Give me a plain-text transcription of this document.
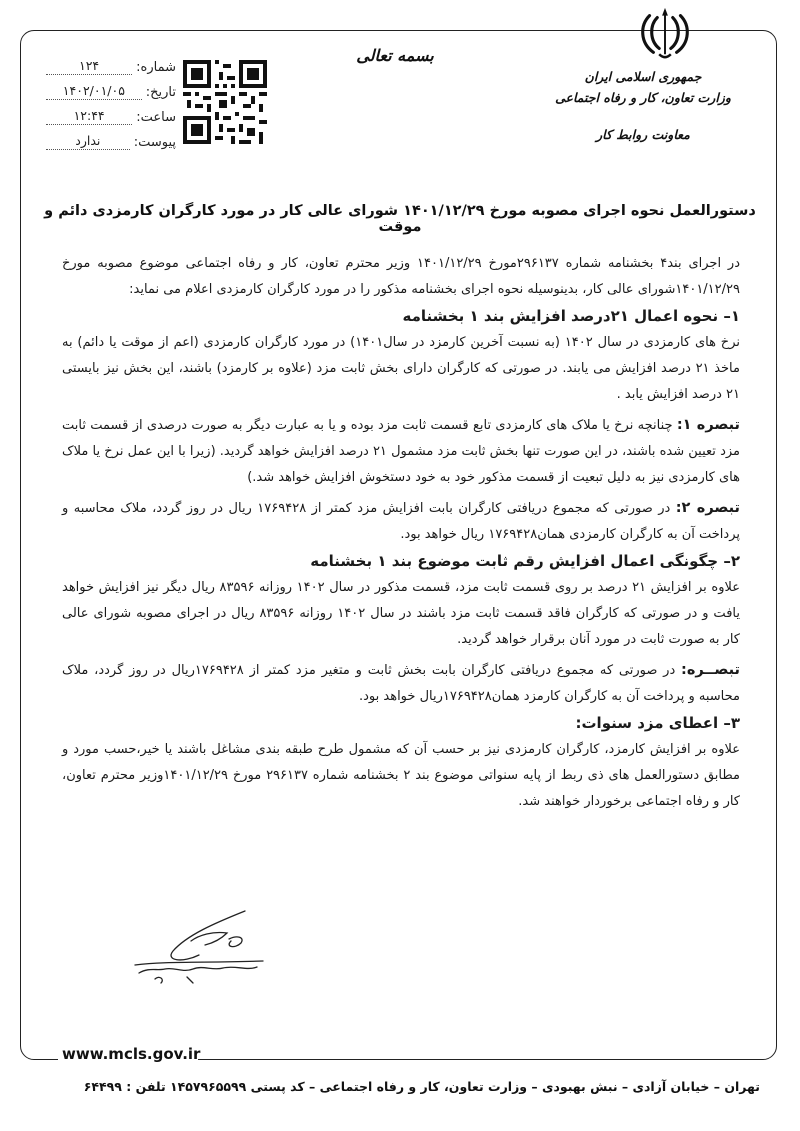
جمهوری اسلامی ایران
وزارت تعاون، کار و رفاه اجتماعی
معاونت روابط کار
بسمه تعالی
شماره:
۱۲۴
تاریخ:
۱۴۰۲/۰۱/۰۵
ساعت:
۱۲:۴۴
پیوست:
ندارد
دستورالعمل نحوه اجرای مصوبه مورخ ۱۴۰۱/۱۲/۲۹ شورای عالی کار در مورد کارگران کارمزدی دائم و موقت

در اجرای بند۴ بخشنامه شماره ۲۹۶۱۳۷مورخ ۱۴۰۱/۱۲/۲۹ وزیر محترم تعاون، کار و رفاه اجتماعی موضوع مصوبه مورخ ۱۴۰۱/۱۲/۲۹شورای عالی کار، بدینوسیله نحوه اجرای بخشنامه مذکور را در مورد کارگران کارمزدی اعلام می نماید:

۱– نحوه اعمال ۲۱درصد افزایش بند ۱ بخشنامه

نرخ های کارمزدی در سال ۱۴۰۲ (به نسبت آخرین کارمزد در سال۱۴۰۱) در مورد کارگران کارمزدی (اعم از موقت یا دائم) به ماخذ ۲۱ درصد افزایش می یابند. در صورتی که کارگران دارای بخش ثابت مزد (علاوه بر کارمزد) باشند، این بخش نیز بایستی ۲۱ درصد افزایش یابد .

تبصره ۱: چنانچه نرخ یا ملاک های کارمزدی تابع قسمت ثابت مزد بوده و یا به عبارت دیگر به صورت درصدی از قسمت ثابت مزد تعیین شده باشند، در این صورت تنها بخش ثابت مزد مشمول ۲۱ درصد افزایش خواهد گردید. (زیرا با این عمل نرخ یا ملاک های کارمزدی نیز به دلیل تبعیت از قسمت مذکور خود به خود دستخوش افزایش خواهد شد.)

تبصره ۲: در صورتی که مجموع دریافتی کارگران بابت افزایش مزد کمتر از ۱۷۶۹۴۲۸ ریال در روز گردد، ملاک محاسبه و پرداخت آن به کارگران کارمزدی همان۱۷۶۹۴۲۸ ریال خواهد بود.

۲– چگونگی اعمال افزایش رقم ثابت موضوع بند ۱ بخشنامه

علاوه بر افزایش ۲۱ درصد بر روی قسمت ثابت مزد، قسمت مذکور در سال ۱۴۰۲ روزانه ۸۳۵۹۶ ریال دیگر نیز افزایش خواهد یافت و در صورتی که کارگران فاقد قسمت ثابت مزد باشند در سال ۱۴۰۲ روزانه ۸۳۵۹۶ ریال در اجرای مصوبه شورای عالی کار به صورت ثابت در مورد آنان برقرار خواهد گردید.

تبصــره: در صورتی که مجموع دریافتی کارگران بابت بخش ثابت و متغیر مزد کمتر از ۱۷۶۹۴۲۸ریال در روز گردد، ملاک محاسبه و پرداخت آن به کارگران کارمزد همان۱۷۶۹۴۲۸ریال خواهد بود.

۳– اعطای مزد سنوات:

علاوه بر افزایش کارمزد، کارگران کارمزدی نیز بر حسب آن که مشمول طرح طبقه بندی مشاغل باشند یا خیر،حسب مورد و مطابق دستورالعمل های ذی ربط از پایه سنواتی موضوع بند ۲ بخشنامه شماره ۲۹۶۱۳۷ مورخ ۱۴۰۱/۱۲/۲۹وزیر محترم تعاون، کار و رفاه اجتماعی برخوردار خواهند شد.

www.mcls.gov.ir
تهران – خیابان آزادی – نبش بهبودی – وزارت تعاون، کار و رفاه اجتماعی – کد پستی ۱۴۵۷۹۶۵۵۹۹ تلفن : ۶۴۴۹۹
